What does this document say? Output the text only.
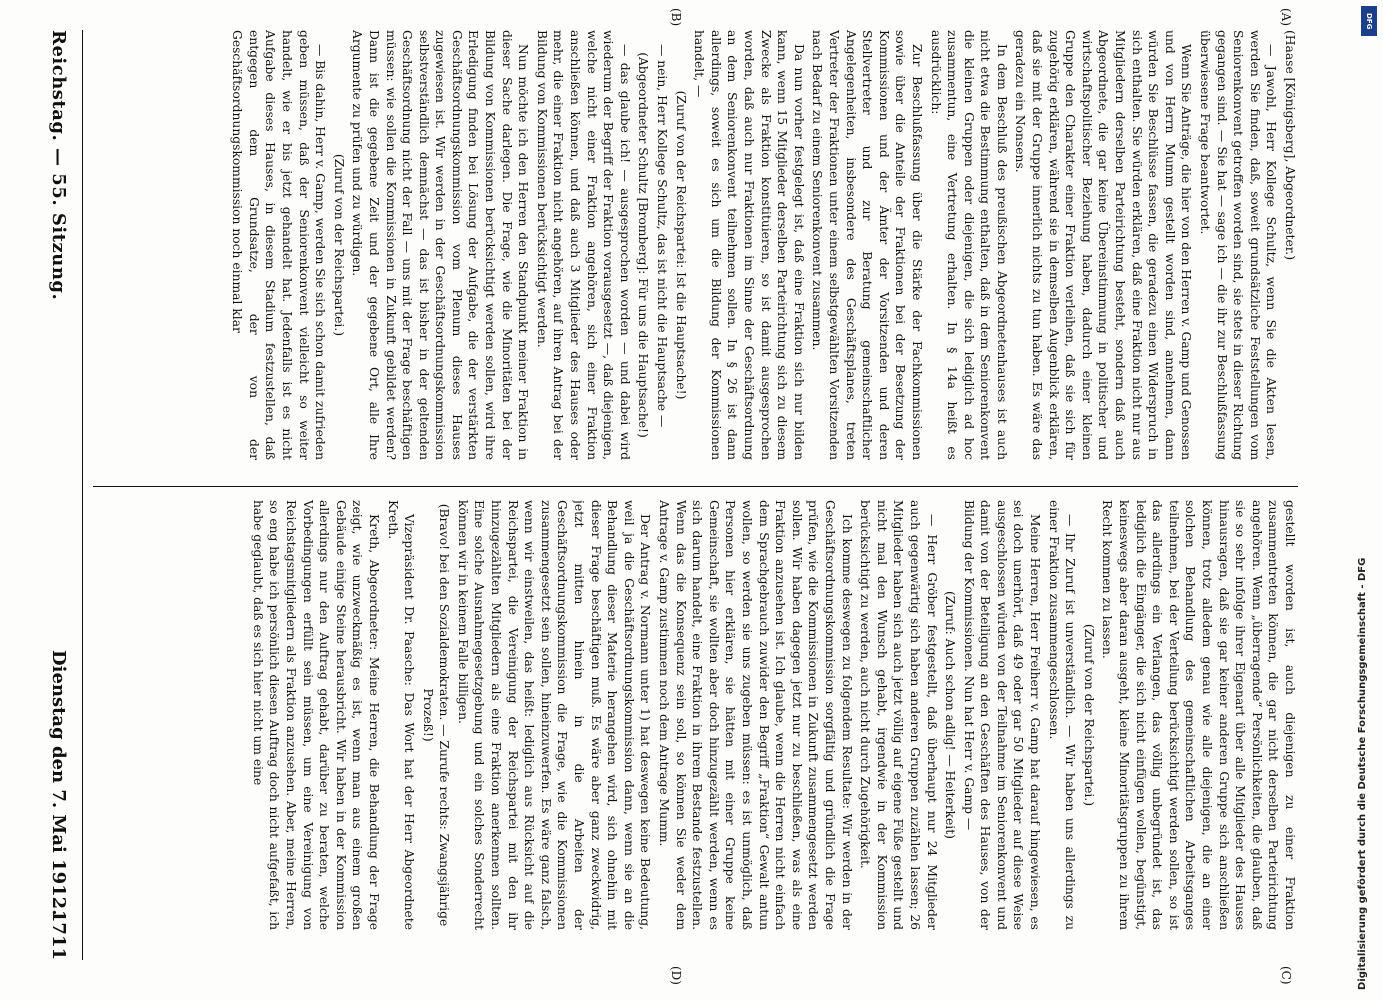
Reichstag. — 55. Sitzung.
Dienstag den 7. Mai 1912.
1711
(A)
(B)
(C)
(D)

(Haase [Königsberg], Abgeordneter.)

— Jawohl, Herr Kollege Schultz, wenn Sie die Akten lesen, werden Sie finden, daß, soweit grundsätzliche Feststellungen vom Seniorenkonvent getroffen worden sind, sie stets in dieser Richtung gegangen sind. — Sie hat — sage ich — die ihr zur Beschlußfassung überwiesene Frage beantwortet.

Wenn Sie Anträge, die hier von den Herren v. Gamp und Genossen und von Herrn Mumm gestellt worden sind, annehmen, dann würden Sie Beschlüsse fassen, die geradezu einen Widerspruch in sich enthalten. Sie würden erklären, daß eine Fraktion nicht nur aus Mitgliedern derselben Parteirichtung besteht, sondern daß auch Abgeordnete, die gar keine Übereinstimmung in politischer und wirtschaftspolitischer Beziehung haben, dadurch einer kleinen Gruppe den Charakter einer Fraktion verleihen, daß sie sich für zugehörig erklären, während sie in demselben Augenblick erklären, daß sie mit der Gruppe innerlich nichts zu tun haben. Es wäre das geradezu ein Nonsens.

In dem Beschluß des preußischen Abgeordnetenhauses ist auch nicht etwa die Bestimmung enthalten, daß in dem Seniorenkonvent die kleinen Gruppen oder diejenigen, die sich lediglich ad hoc zusammentun, eine Vertretung erhalten. In § 14a heißt es ausdrücklich:

Zur Beschlußfassung über die Stärke der Fachkommissionen sowie über die Anteile der Fraktionen bei der Besetzung der Kommissionen und der Ämter der Vorsitzenden und deren Stellvertreter und zur Beratung gemeinschaftlicher Angelegenheiten, insbesondere des Geschäftsplanes, treten Vertreter der Fraktionen unter einem selbstgewählten Vorsitzenden nach Bedarf zu einem Seniorenkonvent zusammen.

Da nun vorher festgelegt ist, daß eine Fraktion sich nur bilden kann, wenn 15 Mitglieder derselben Parteirichtung sich zu diesem Zwecke als Fraktion konstituieren, so ist damit ausgesprochen worden, daß auch nur Fraktionen im Sinne der Geschäftsordnung an dem Seniorenkonvent teilnehmen sollen. In § 26 ist dann allerdings, soweit es sich um die Bildung der Kommissionen handelt, —

(Zuruf von der Reichspartei: Ist die Hauptsache!)

— nein, Herr Kollege Schultz, das ist nicht die Hauptsache —

(Abgeordneter Schultz [Bromberg]: Für uns die Hauptsache!)

— das glaube ich! — ausgesprochen worden — und dabei wird wiederum der Begriff der Fraktion vorausgesetzt —, daß diejenigen, welche nicht einer Fraktion angehören, sich einer Fraktion anschließen können, und daß auch 3 Mitglieder des Hauses oder mehr, die einer Fraktion nicht angehören, auf ihren Antrag bei der Bildung von Kommissionen berücksichtigt werden.

Nun möchte ich den Herren den Standpunkt meiner Fraktion in dieser Sache darlegen. Die Frage, wie die Minoritäten bei der Bildung von Kommissionen berücksichtigt werden sollen, wird ihre Erledigung finden bei Lösung der Aufgabe, die der verstärkten Geschäftsordnungskommission vom Plenum dieses Hauses zugewiesen ist. Wir werden in der Geschäftsordnungskommission selbstverständlich demnächst — das ist bisher in der geltenden Geschäftsordnung nicht der Fall — uns mit der Frage beschäftigen müssen: wie sollen die Kommissionen in Zukunft gebildet werden? Dann ist die gegebene Zeit und der gegebene Ort, alle Ihre Argumente zu prüfen und zu würdigen.

(Zuruf von der Reichspartei.)

— Bis dahin, Herr v. Gamp, werden Sie sich schon damit zufrieden geben müssen, daß der Seniorenkonvent vielleicht so weiter handelt, wie er bis jetzt gehandelt hat. Jedenfalls ist es nicht Aufgabe dieses Hauses, in diesem Stadium festzustellen, daß entgegen dem Grundsatze, der von der Geschäftsordnungskommission noch einmal klar

gestellt worden ist, auch diejenigen zu einer Fraktion zusammentreten können, die gar nicht derselben Parteirichtung angehören. Wenn „überragende“ Persönlichkeiten, die glauben, daß sie so sehr infolge ihrer Eigenart über alle Mitglieder des Hauses hinausragen, daß sie gar keiner anderen Gruppe sich anschließen können, trotz alledem genau wie alle diejenigen, die an einer solchen Behandlung des gemeinschaftlichen Arbeitsganges teilnehmen, bei der Verteilung berücksichtigt werden sollen, so ist das allerdings ein Verlangen, das völlig unbegründet ist, das lediglich die Eingänger, die sich nicht einfügen wollen, begünstigt, keineswegs aber daran ausgeht, kleine Minoritätsgruppen zu ihrem Recht kommen zu lassen.

(Zuruf von der Reichspartei.)

— Ihr Zuruf ist unverständlich. — Wir haben uns allerdings zu einer Fraktion zusammengeschlossen.

Meine Herren, Herr Freiherr v. Gamp hat darauf hingewiesen, es sei doch unerhört, daß 49 oder gar 50 Mitglieder auf diese Weise ausgeschlossen würden von der Teilnahme im Seniorenkonvent und damit von der Beteiligung an den Geschäften des Hauses, von der Bildung der Kommissionen. Nun hat Herr v. Gamp —

(Zuruf: Auch schon adlig! — Heiterkeit)

— Herr Gröber festgestellt, daß überhaupt nur 24 Mitglieder auch gegenwärtig sich haben anderen Gruppen zuzählen lassen; 26 Mitglieder haben sich auch jetzt völlig auf eigene Füße gestellt und nicht mal den Wunsch gehabt, irgendwie in der Kommission berücksichtigt zu werden, auch nicht durch Zugehörigkeit.

Ich komme deswegen zu folgendem Resultate: Wir werden in der Geschäftsordnungskommission sorgfältig und gründlich die Frage prüfen, wie die Kommissionen in Zukunft zusammengesetzt werden sollen. Wir haben dagegen jetzt nur zu beschließen, was als eine Fraktion anzusehen ist. Ich glaube, wenn die Herren nicht einfach dem Sprachgebrauch zuwider den Begriff „Fraktion“ Gewalt antun wollen, so werden sie uns zugeben müssen: es ist unmöglich, daß Personen hier erklären, sie hätten mit einer Gruppe keine Gemeinschaft, sie wollten aber doch hinzugezählt werden, wenn es sich darum handelt, eine Fraktion in ihrem Bestande festzustellen. Wenn das die Konsequenz sein soll, so können Sie weder dem Antrage v. Gamp zustimmen noch dem Antrage Mumm.

Der Antrag v. Normann unter 1) hat deswegen keine Bedeutung, weil ja die Geschäftsordnungskommission dann, wenn sie an die Behandlung dieser Materie herangehen wird, sich ohnehin mit dieser Frage beschäftigen muß. Es wäre aber ganz zweckwidrig, jetzt mitten hinein in die Arbeiten der Geschäftsordnungskommission die Frage, wie die Kommissionen zusammengesetzt sein sollen, hineinzuwerfen. Es wäre ganz falsch, wenn wir einstweilen, das heißt: lediglich aus Rücksicht auf die Reichspartei, die Vereinigung der Reichspartei mit den ihr hinzugezählten Mitgliedern als eine Fraktion anerkennen sollten. Eine solche Ausnahmegesetzgebung und ein solches Sonderrecht können wir in keinem Falle billigen.

(Bravo! bei den Sozialdemokraten. — Zurufe rechts: Zwangsjährige Prozeß!)

Vizepräsident Dr. Paasche: Das Wort hat der Herr Abgeordnete Kreth.

Kreth, Abgeordneter: Meine Herren, die Behandlung der Frage zeigt, wie unzweckmäßig es ist, wenn man aus einem großen Gebäude einige Steine herausbricht. Wir haben in der Kommission allerdings nur den Auftrag gehabt, darüber zu beraten, welche Vorbedingungen erfüllt sein müssen, um eine Vereinigung von Reichstagsmitgliedern als Fraktion anzusehen. Aber, meine Herren, so eng habe ich persönlich diesen Auftrag doch nicht aufgefaßt, ich habe geglaubt, daß es sich hier nicht um eine	Digitalisierung gefördert durch die Deutsche Forschungsgemeinschaft - DFG
DFG
